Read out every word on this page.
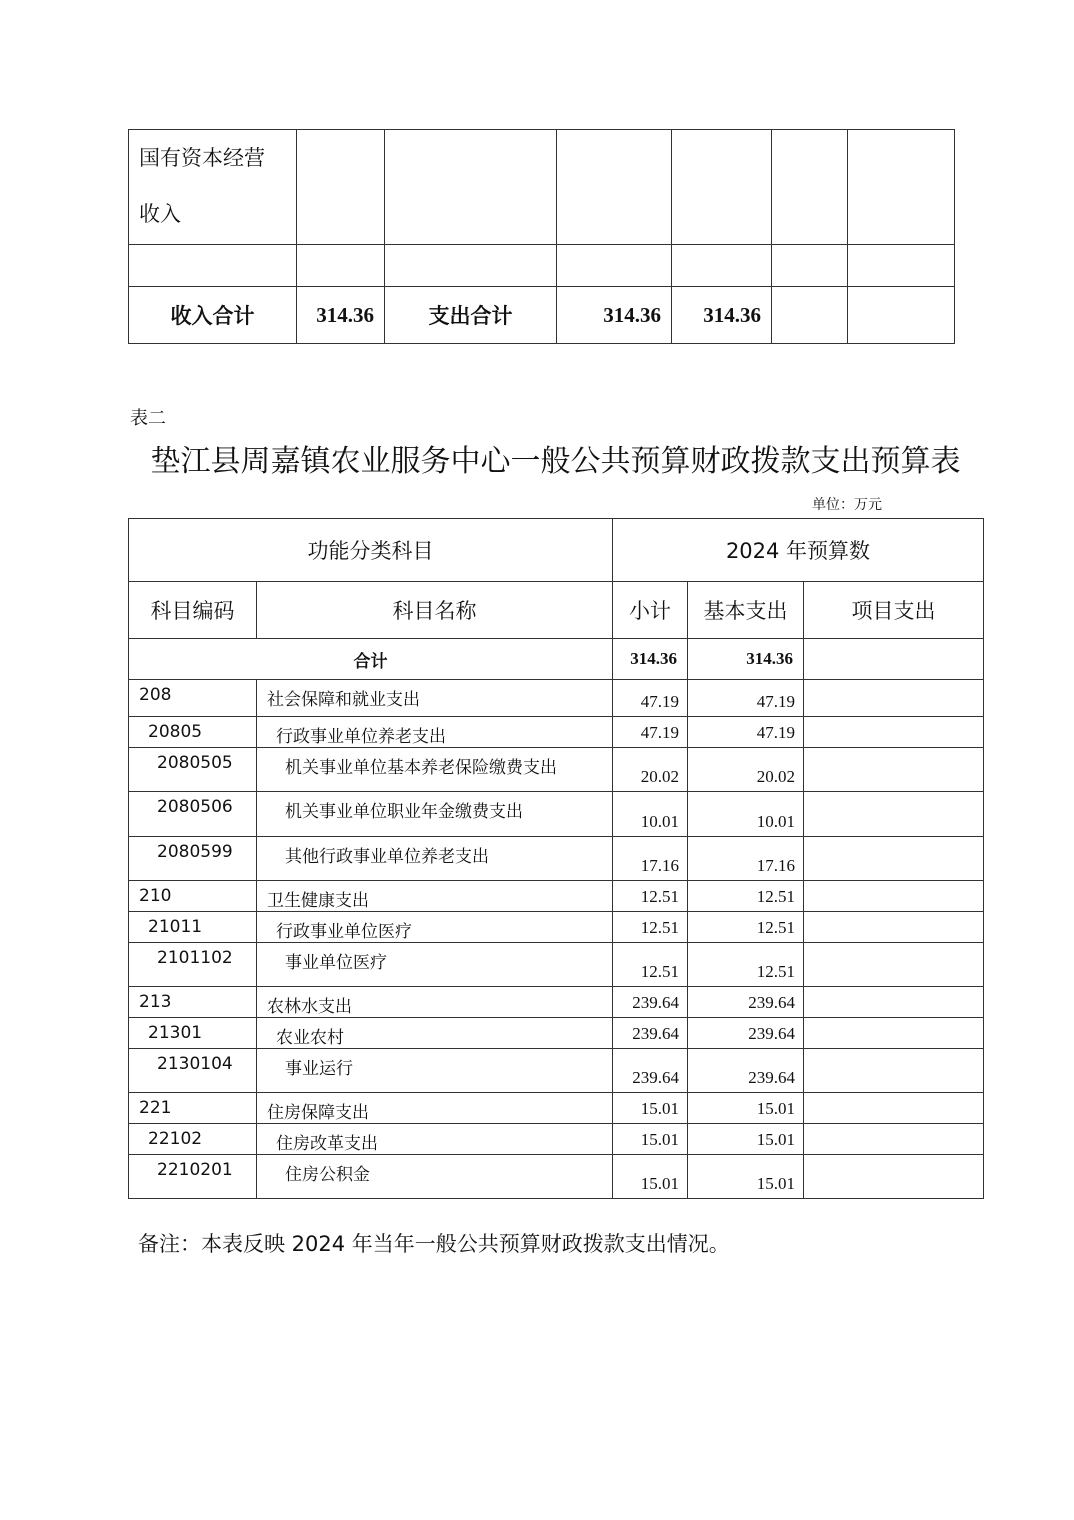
国有资本经营
收入						

收入合计	314.36	支出合计	314.36	314.36		
表二
垫江县周嘉镇农业服务中心一般公共预算财政拨款支出预算表
单位：万元
功能分类科目		2024 年预算数		
科目编码	科目名称	小计	基本支出	项目支出
合计		314.36	314.36	
208	社会保障和就业支出	47.19	47.19	
20805	行政事业单位养老支出	47.19	47.19	
2080505	机关事业单位基本养老保险缴费支出	20.02	20.02	
2080506	机关事业单位职业年金缴费支出	10.01	10.01	
2080599	其他行政事业单位养老支出	17.16	17.16	
210	卫生健康支出	12.51	12.51	
21011	行政事业单位医疗	12.51	12.51	
2101102	事业单位医疗	12.51	12.51	
213	农林水支出	239.64	239.64	
21301	农业农村	239.64	239.64	
2130104	事业运行	239.64	239.64	
221	住房保障支出	15.01	15.01	
22102	住房改革支出	15.01	15.01	
2210201	住房公积金	15.01	15.01	
备注：本表反映 2024 年当年一般公共预算财政拨款支出情况。
